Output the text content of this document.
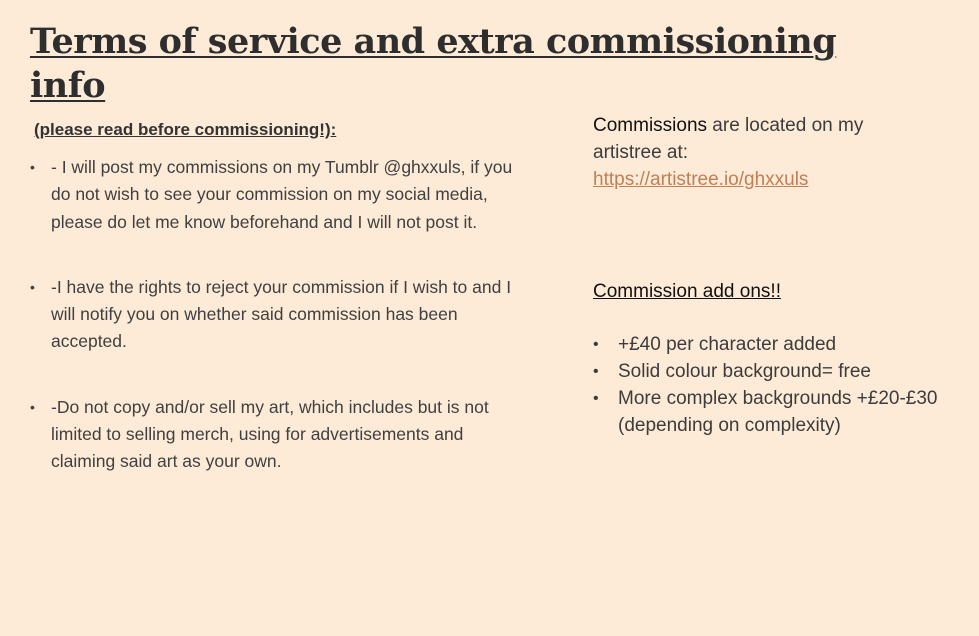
Terms of service and extra commissioning info

(please read before commissioning!):

• - I will post my commissions on my Tumblr @ghxxuls, if you do not wish to see your commission on my social media, please do let me know beforehand and I will not post it.
• -I have the rights to reject your commission if I wish to and I will notify you on whether said commission has been accepted.
• -Do not copy and/or sell my art, which includes but is not limited to selling merch, using for advertisements and claiming said art as your own.

Commissions are located on my artistree at: https://artistree.io/ghxxuls

Commission add ons!!

• +£40 per character added
• Solid colour background= free
• More complex backgrounds +£20-£30 (depending on complexity)
